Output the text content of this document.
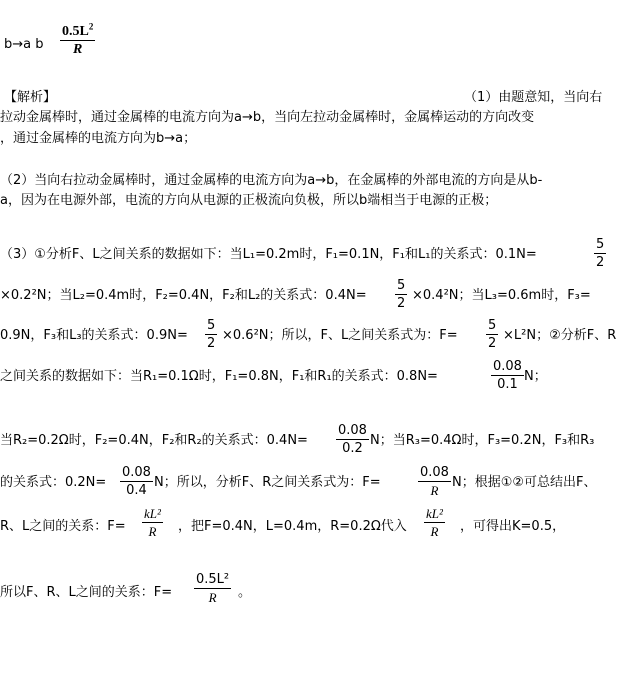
b→a b
$0.5L^2$
R
【解析】	（1）由题意知，当向右
拉动金属棒时，通过金属棒的电流方向为a→b，当向左拉动金属棒时，金属棒运动的方向改变
，通过金属棒的电流方向为b→a；
（2）当向右拉动金属棒时，通过金属棒的电流方向为a→b，在金属棒的外部电流的方向是从b-
a，因为在电源外部，电流的方向从电源的正极流向负极，所以b端相当于电源的正极；
（3）①分析F、L之间关系的数据如下：当L₁=0.2m时，F₁=0.1N，F₁和L₁的关系式：0.1N=
5
2
×0.2²N；当L₂=0.4m时，F₂=0.4N，F₂和L₂的关系式：0.4N=
5
2
×0.4²N；当L₃=0.6m时，F₃=
0.9N，F₃和L₃的关系式：0.9N=
5
2
×0.6²N；所以，F、L之间关系式为：F=
5
2
×L²N；②分析F、R
之间关系的数据如下：当R₁=0.1Ω时，F₁=0.8N，F₁和R₁的关系式：0.8N=
0.08
0.1
N；
当R₂=0.2Ω时，F₂=0.4N，F₂和R₂的关系式：0.4N=
0.08
0.2
N；当R₃=0.4Ω时，F₃=0.2N，F₃和R₃
的关系式：0.2N=
0.08
0.4
N；所以，分析F、R之间关系式为：F=
0.08
R
N；根据①②可总结出F、
R、L之间的关系：F=
kL²
R	，把F=0.4N，L=0.4m，R=0.2Ω代入
kL²
R	，可得出K=0.5，
所以F、R、L之间的关系：F=
0.5L²
R	。
